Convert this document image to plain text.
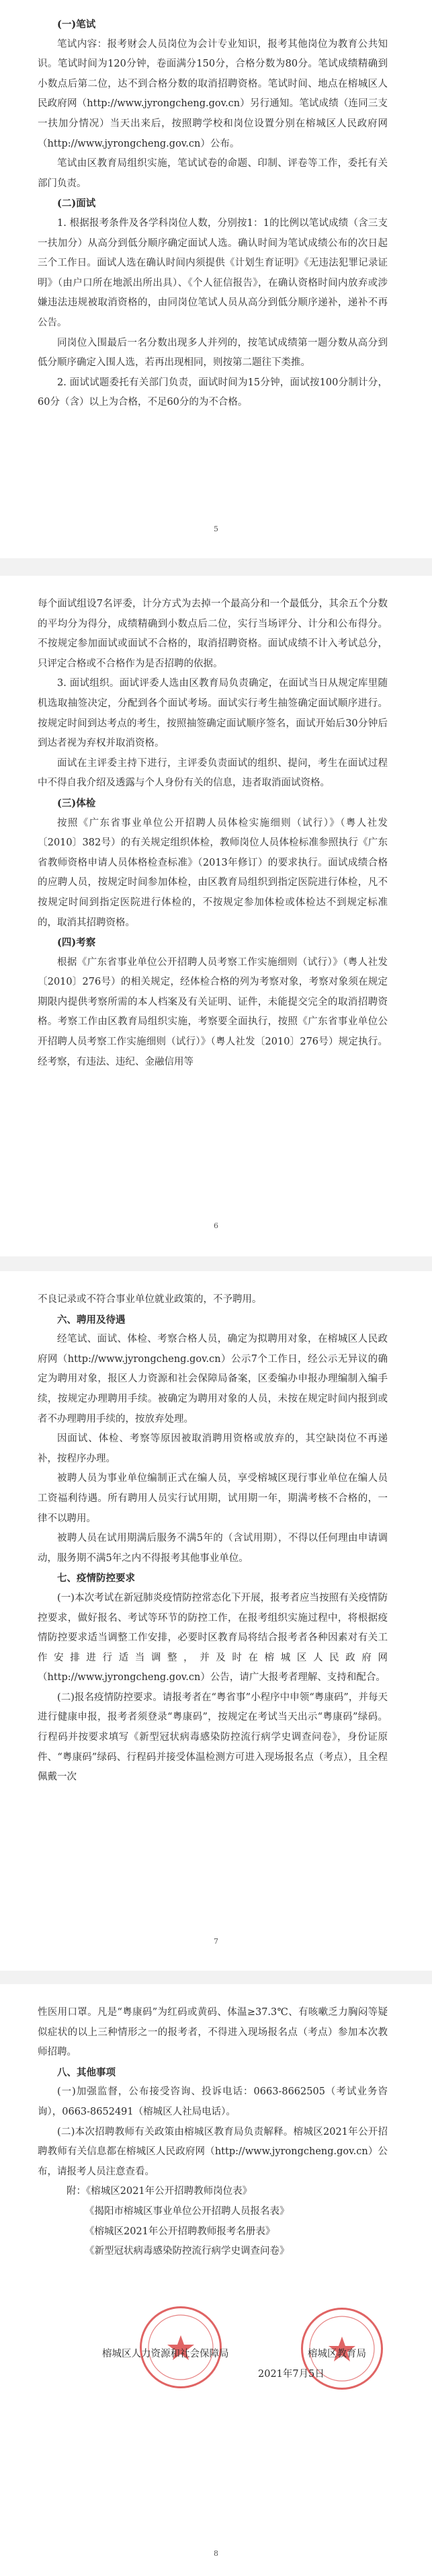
(一)笔试

笔试内容：报考财会人员岗位为会计专业知识，报考其他岗位为教育公共知识。笔试时间为120分钟，卷面满分150分，合格分数为80分。笔试成绩精确到小数点后第二位，达不到合格分数的取消招聘资格。笔试时间、地点在榕城区人民政府网（http://www.jyrongcheng.gov.cn）另行通知。笔试成绩（连同三支一扶加分情况）当天出来后，按照聘学校和岗位设置分别在榕城区人民政府网（http://www.jyrongcheng.gov.cn）公布。

笔试由区教育局组织实施，笔试试卷的命题、印制、评卷等工作，委托有关部门负责。

(二)面试

1. 根据报考条件及各学科岗位人数，分别按1：1的比例以笔试成绩（含三支一扶加分）从高分到低分顺序确定面试人选。确认时间为笔试成绩公布的次日起三个工作日。面试人选在确认时间内须提供《计划生育证明》《无违法犯罪记录证明》（由户口所在地派出所出具）、《个人征信报告》，在确认资格时间内放弃或涉嫌违法违规被取消资格的，由同岗位笔试人员从高分到低分顺序递补，递补不再公告。

同岗位入围最后一名分数出现多人并列的，按笔试成绩第一题分数从高分到低分顺序确定入围人选，若再出现相同，则按第二题往下类推。

2. 面试试题委托有关部门负责，面试时间为15分钟，面试按100分制计分，60分（含）以上为合格，不足60分的为不合格。

5

每个面试组设7名评委，计分方式为去掉一个最高分和一个最低分，其余五个分数的平均分为得分，成绩精确到小数点后二位，实行当场评分、计分和公布得分。不按规定参加面试或面试不合格的，取消招聘资格。面试成绩不计入考试总分，只评定合格或不合格作为是否招聘的依据。

3. 面试组织。面试评委人选由区教育局负责确定，在面试当日从规定库里随机选取抽签决定，分配到各个面试考场。面试实行考生抽签确定面试顺序进行。按规定时间到达考点的考生，按照抽签确定面试顺序签名，面试开始后30分钟后到达者视为弃权并取消资格。

面试在主评委主持下进行，主评委负责面试的组织、提问，考生在面试过程中不得自我介绍及透露与个人身份有关的信息，违者取消面试资格。

(三)体检

按照《广东省事业单位公开招聘人员体检实施细则（试行）》（粤人社发〔2010〕382号）的有关规定组织体检，教师岗位人员体检标准参照执行《广东省教师资格申请人员体格检查标准》（2013年修订）的要求执行。面试成绩合格的应聘人员，按规定时间参加体检，由区教育局组织到指定医院进行体检，凡不按规定时间到指定医院进行体检的，不按规定参加体检或体检达不到规定标准的，取消其招聘资格。

(四)考察

根据《广东省事业单位公开招聘人员考察工作实施细则（试行）》（粤人社发〔2010〕276号）的相关规定，经体检合格的列为考察对象，考察对象须在规定期限内提供考察所需的本人档案及有关证明、证件，未能提交完全的取消招聘资格。考察工作由区教育局组织实施，考察要全面执行，按照《广东省事业单位公开招聘人员考察工作实施细则（试行）》（粤人社发〔2010〕276号）规定执行。经考察，有违法、违纪、金融信用等

6

不良记录或不符合事业单位就业政策的，不予聘用。

六、聘用及待遇

经笔试、面试、体检、考察合格人员，确定为拟聘用对象，在榕城区人民政府网（http://www.jyrongcheng.gov.cn）公示7个工作日，经公示无异议的确定为聘用对象，报区人力资源和社会保障局备案，区委编办申报办理编制入编手续，按规定办理聘用手续。被确定为聘用对象的人员，未按在规定时间内报到或者不办理聘用手续的，按放弃处理。

因面试、体检、考察等原因被取消聘用资格或放弃的，其空缺岗位不再递补，按程序办理。

被聘人员为事业单位编制正式在编人员，享受榕城区现行事业单位在编人员工资福利待遇。所有聘用人员实行试用期，试用期一年，期满考核不合格的，一律不以聘用。

被聘人员在试用期满后服务不满5年的（含试用期），不得以任何理由申请调动，服务期不满5年之内不得报考其他事业单位。

七、疫情防控要求

(一)本次考试在新冠肺炎疫情防控常态化下开展，报考者应当按照有关疫情防控要求，做好报名、考试等环节的防控工作，在报考组织实施过程中，将根据疫情防控要求适当调整工作安排，必要时区教育局将结合报考者各种因素对有关工作安排进行适当调整，并及时在榕城区人民政府网（http://www.jyrongcheng.gov.cn）公告，请广大报考者理解、支持和配合。

(二)报名疫情防控要求。请报考者在“粤省事”小程序中申领“粤康码”，并每天进行健康申报，报考者须登录“粤康码”，按规定在考试当天出示“粤康码”绿码。行程码并按要求填写《新型冠状病毒感染防控流行病学史调查问卷》，身份证原件、“粤康码”绿码、行程码并接受体温检测方可进入现场报名点（考点），且全程佩戴一次

7

性医用口罩。凡是“粤康码”为红码或黄码、体温≥37.3℃、有咳嗽乏力胸闷等疑似症状的以上三种情形之一的报考者，不得进入现场报名点（考点）参加本次教师招聘。

八、其他事项

(一)加强监督，公布接受咨询、投诉电话：0663-8662505（考试业务咨询），0663-8652491（榕城区人社局电话）。

(二)本次招聘教师有关政策由榕城区教育局负责解释。榕城区2021年公开招聘教师有关信息都在榕城区人民政府网（http://www.jyrongcheng.gov.cn）公布，请报考人员注意查看。

附：《榕城区2021年公开招聘教师岗位表》

《揭阳市榕城区事业单位公开招聘人员报名表》

《榕城区2021年公开招聘教师报考名册表》

《新型冠状病毒感染防控流行病学史调查问卷》

榕城区人力资源和社会保障局	榕城区教育局
2021年7月5日
8
